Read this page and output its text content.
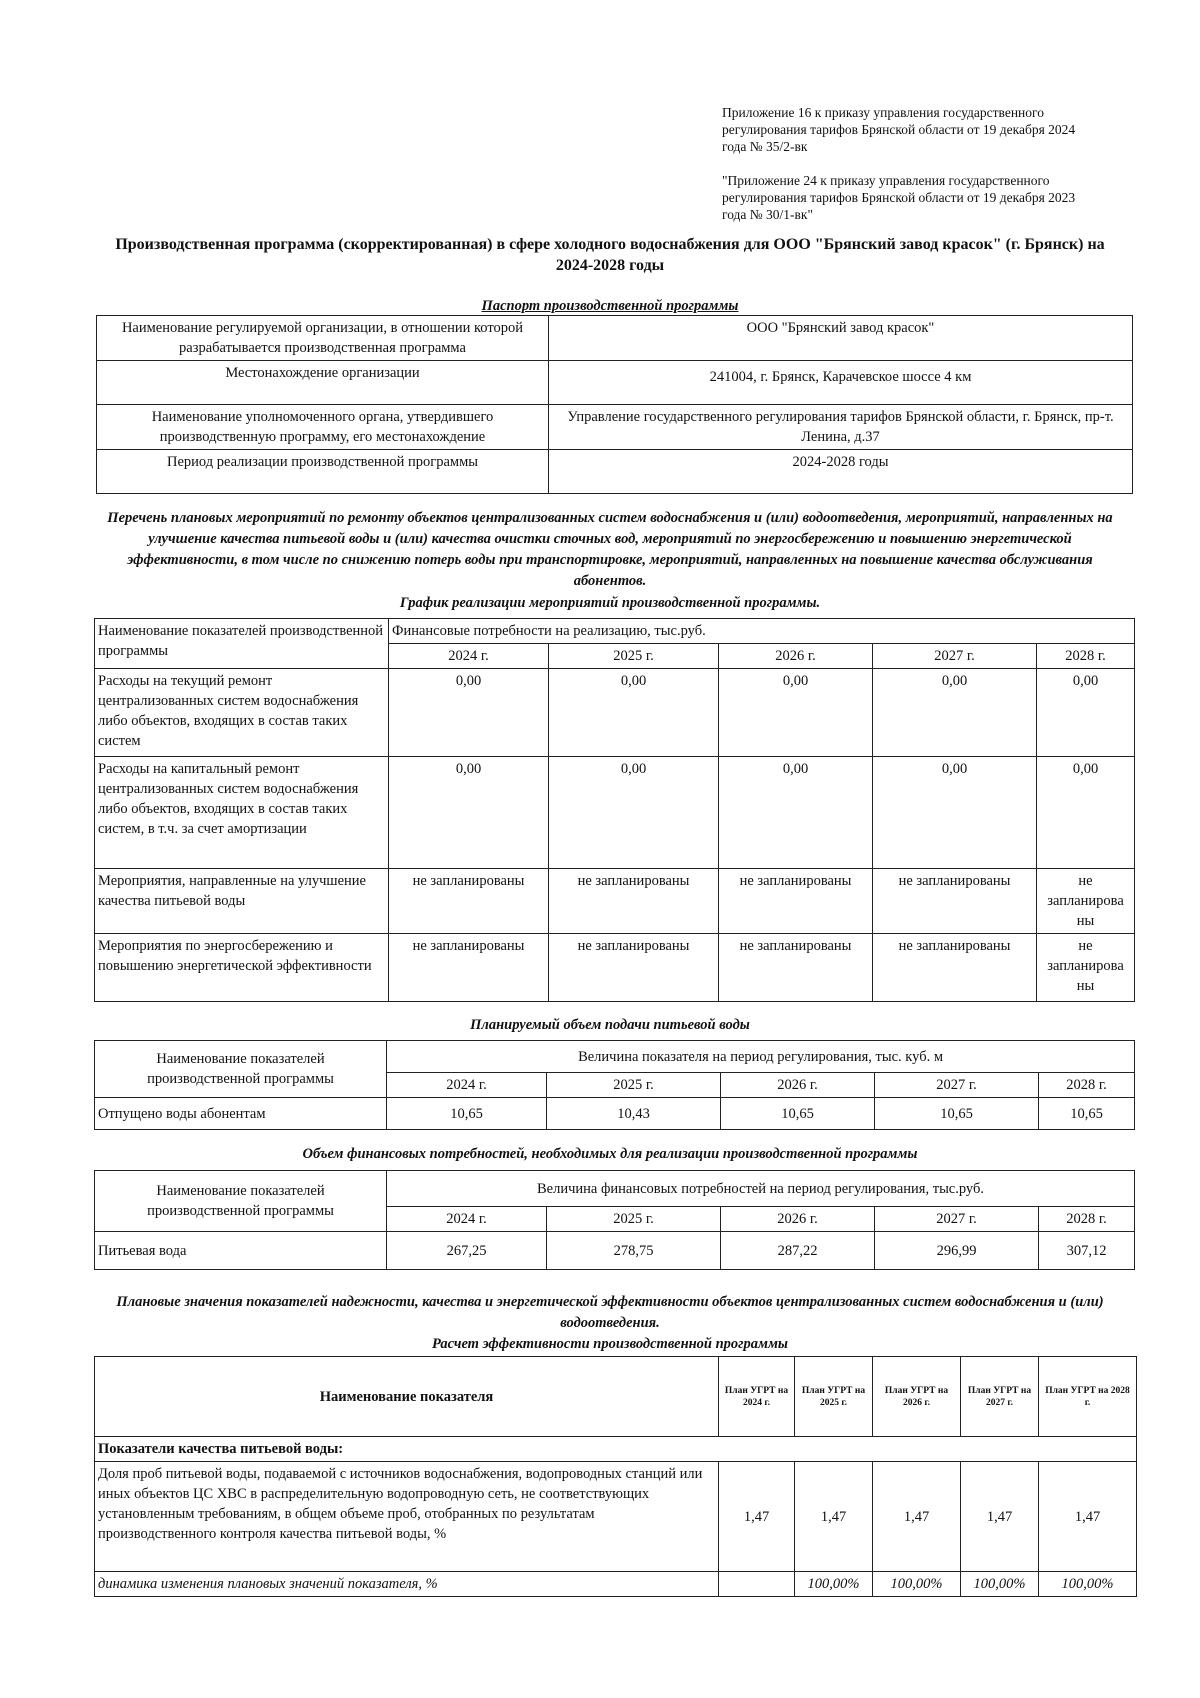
Приложение 16 к приказу управления государственного регулирования тарифов Брянской области от 19 декабря 2024 года № 35/2-вк
"Приложение 24 к приказу управления государственного регулирования тарифов Брянской области от 19 декабря 2023 года № 30/1-вк"
Производственная программа (скорректированная) в сфере холодного водоснабжения для ООО "Брянский завод красок" (г. Брянск) на 2024-2028 годы
Паспорт производственной программы
Наименование регулируемой организации, в отношении которой разрабатывается производственная программа	ООО "Брянский завод красок"
Местонахождение организации	241004, г. Брянск, Карачевское шоссе 4 км
Наименование уполномоченного органа, утвердившего производственную программу, его местонахождение	Управление государственного регулирования тарифов Брянской области, г. Брянск, пр-т. Ленина, д.37
Период реализации производственной программы	2024-2028 годы
Перечень плановых мероприятий по ремонту объектов централизованных систем водоснабжения и (или) водоотведения, мероприятий, направленных на улучшение качества питьевой воды и (или) качества очистки сточных вод, мероприятий по энергосбережению и повышению энергетической эффективности, в том числе по снижению потерь воды при транспортировке, мероприятий, направленных на повышение качества обслуживания абонентов.
График реализации мероприятий производственной программы.
Наименование показателей производственной программы	Финансовые потребности на реализацию, тыс.руб.				
	2024 г.	2025 г.	2026 г.	2027 г.	2028 г.
Расходы на текущий ремонт централизованных систем водоснабжения либо объектов, входящих в состав таких систем	0,00	0,00	0,00	0,00	0,00
Расходы на капитальный ремонт централизованных систем водоснабжения либо объектов, входящих в состав таких систем, в т.ч. за счет амортизации	0,00	0,00	0,00	0,00	0,00
Мероприятия, направленные на улучшение качества питьевой воды	не запланированы	не запланированы	не запланированы	не запланированы	не запланирова ны
Мероприятия по энергосбережению и повышению энергетической эффективности	не запланированы	не запланированы	не запланированы	не запланированы	не запланирова ны
Планируемый объем подачи питьевой воды
Наименование показателей производственной программы	Величина показателя на период регулирования, тыс. куб. м				
	2024 г.	2025 г.	2026 г.	2027 г.	2028 г.
Отпущено воды абонентам	10,65	10,43	10,65	10,65	10,65
Объем финансовых потребностей, необходимых для реализации производственной программы
Наименование показателей производственной программы	Величина финансовых потребностей на период регулирования, тыс.руб.				
	2024 г.	2025 г.	2026 г.	2027 г.	2028 г.
Питьевая вода	267,25	278,75	287,22	296,99	307,12
Плановые значения показателей надежности, качества и энергетической эффективности объектов централизованных систем водоснабжения и (или) водоотведения.
Расчет эффективности производственной программы
Наименование показателя	План УГРТ на 2024 г.	План УГРТ на 2025 г.	План УГРТ на 2026 г.	План УГРТ на 2027 г.	План УГРТ на 2028 г.
Показатели качества питьевой воды:					
Доля проб питьевой воды, подаваемой с источников водоснабжения, водопроводных станций или иных объектов ЦС ХВС в распределительную водопроводную сеть, не соответствующих установленным требованиям, в общем объеме проб, отобранных по результатам производственного контроля качества питьевой воды, %	1,47	1,47	1,47	1,47	1,47
динамика изменения плановых значений показателя, %		100,00%	100,00%	100,00%	100,00%
